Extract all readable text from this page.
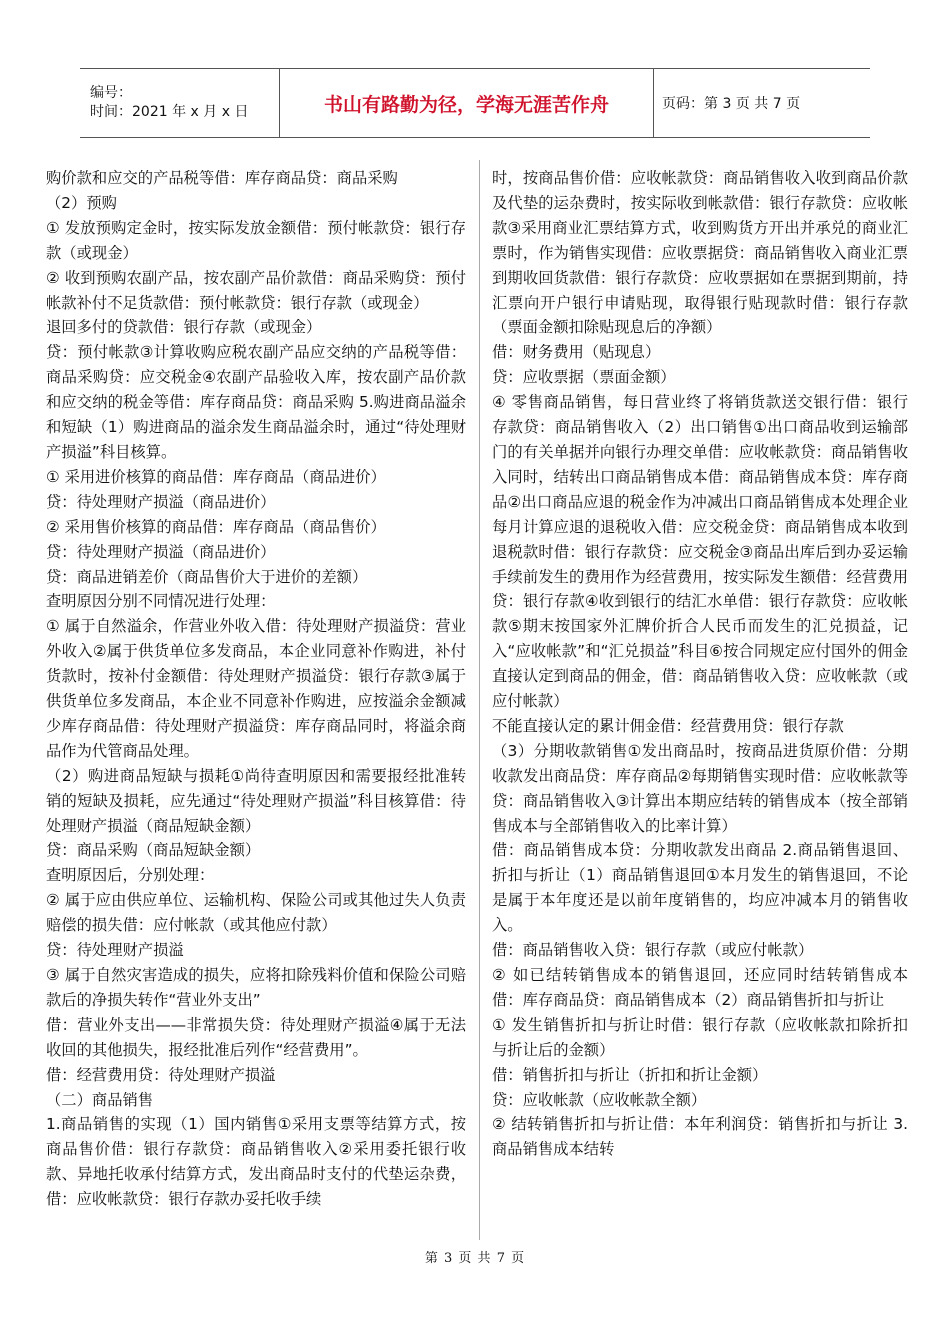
编号：
时间：2021 年 x 月 x 日	书山有路勤为径，学海无涯苦作舟	页码：第 3 页 共 7 页

购价款和应交的产品税等借：库存商品贷：商品采购

（2）预购

① 发放预购定金时，按实际发放金额借：预付帐款贷：银行存款（或现金）

② 收到预购农副产品，按农副产品价款借：商品采购贷：预付帐款补付不足货款借：预付帐款贷：银行存款（或现金）

退回多付的贷款借：银行存款（或现金）

贷：预付帐款③计算收购应税农副产品应交纳的产品税等借：商品采购贷：应交税金④农副产品验收入库，按农副产品价款和应交纳的税金等借：库存商品贷：商品采购 5.购进商品溢余和短缺（1）购进商品的溢余发生商品溢余时，通过“待处理财产损溢”科目核算。

① 采用进价核算的商品借：库存商品（商品进价）

贷：待处理财产损溢（商品进价）

② 采用售价核算的商品借：库存商品（商品售价）

贷：待处理财产损溢（商品进价）

贷：商品进销差价（商品售价大于进价的差额）

查明原因分别不同情况进行处理：

① 属于自然溢余，作营业外收入借：待处理财产损溢贷：营业外收入②属于供货单位多发商品，本企业同意补作购进，补付货款时，按补付金额借：待处理财产损溢贷：银行存款③属于供货单位多发商品，本企业不同意补作购进，应按溢余金额减少库存商品借：待处理财产损溢贷：库存商品同时，将溢余商品作为代管商品处理。

（2）购进商品短缺与损耗①尚待查明原因和需要报经批准转销的短缺及损耗，应先通过“待处理财产损溢”科目核算借：待处理财产损溢（商品短缺金额）

贷：商品采购（商品短缺金额）

查明原因后，分别处理：

② 属于应由供应单位、运输机构、保险公司或其他过失人负责赔偿的损失借：应付帐款（或其他应付款）

贷：待处理财产损溢

③ 属于自然灾害造成的损失，应将扣除残料价值和保险公司赔款后的净损失转作“营业外支出”

借：营业外支出——非常损失贷：待处理财产损溢④属于无法收回的其他损失，报经批准后列作“经营费用”。

借：经营费用贷：待处理财产损溢

（二）商品销售

1.商品销售的实现（1）国内销售①采用支票等结算方式，按商品售价借：银行存款贷：商品销售收入②采用委托银行收款、异地托收承付结算方式，发出商品时支付的代垫运杂费，借：应收帐款贷：银行存款办妥托收手续

时，按商品售价借：应收帐款贷：商品销售收入收到商品价款及代垫的运杂费时，按实际收到帐款借：银行存款贷：应收帐款③采用商业汇票结算方式，收到购货方开出并承兑的商业汇票时，作为销售实现借：应收票据贷：商品销售收入商业汇票到期收回货款借：银行存款贷：应收票据如在票据到期前，持汇票向开户银行申请贴现，取得银行贴现款时借：银行存款（票面金额扣除贴现息后的净额）

借：财务费用（贴现息）

贷：应收票据（票面金额）

④ 零售商品销售，每日营业终了将销货款送交银行借：银行存款贷：商品销售收入（2）出口销售①出口商品收到运输部门的有关单据并向银行办理交单借：应收帐款贷：商品销售收入同时，结转出口商品销售成本借：商品销售成本贷：库存商品②出口商品应退的税金作为冲减出口商品销售成本处理企业每月计算应退的退税收入借：应交税金贷：商品销售成本收到退税款时借：银行存款贷：应交税金③商品出库后到办妥运输手续前发生的费用作为经营费用，按实际发生额借：经营费用贷：银行存款④收到银行的结汇水单借：银行存款贷：应收帐款⑤期末按国家外汇牌价折合人民币而发生的汇兑损益，记入“应收帐款”和“汇兑损益”科目⑥按合同规定应付国外的佣金直接认定到商品的佣金，借：商品销售收入贷：应收帐款（或应付帐款）

不能直接认定的累计佣金借：经营费用贷：银行存款

（3）分期收款销售①发出商品时，按商品进货原价借：分期收款发出商品贷：库存商品②每期销售实现时借：应收帐款等贷：商品销售收入③计算出本期应结转的销售成本（按全部销售成本与全部销售收入的比率计算）

借：商品销售成本贷：分期收款发出商品 2.商品销售退回、折扣与折让（1）商品销售退回①本月发生的销售退回，不论是属于本年度还是以前年度销售的，均应冲减本月的销售收入。

借：商品销售收入贷：银行存款（或应付帐款）

② 如已结转销售成本的销售退回，还应同时结转销售成本借：库存商品贷：商品销售成本（2）商品销售折扣与折让

① 发生销售折扣与折让时借：银行存款（应收帐款扣除折扣与折让后的金额）

借：销售折扣与折让（折扣和折让金额）

贷：应收帐款（应收帐款全额）

② 结转销售折扣与折让借：本年利润贷：销售折扣与折让 3.商品销售成本结转

第 3 页 共 7 页
